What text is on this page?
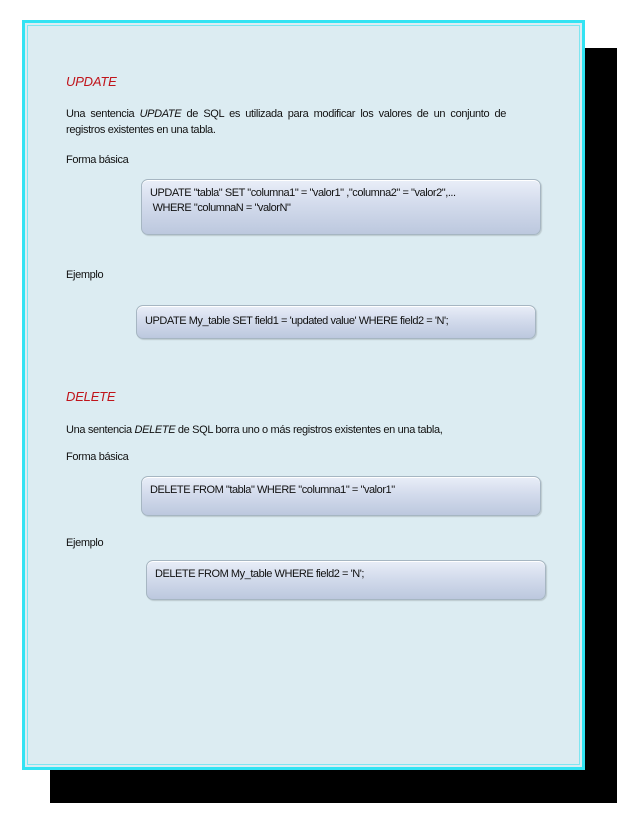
UPDATE

Una sentencia UPDATE de SQL es utilizada para modificar los valores de un conjunto de registros existentes en una tabla.

Forma básica

UPDATE "tabla" SET "columna1" = "valor1" ,"columna2" = "valor2",...
WHERE "columnaN = "valorN"

Ejemplo

UPDATE My_table SET field1 = 'updated value' WHERE field2 = 'N';
DELETE

Una sentencia DELETE de SQL borra uno o más registros existentes en una tabla,

Forma básica

DELETE FROM "tabla" WHERE "columna1" = "valor1"

Ejemplo

DELETE FROM My_table WHERE field2 = 'N';
